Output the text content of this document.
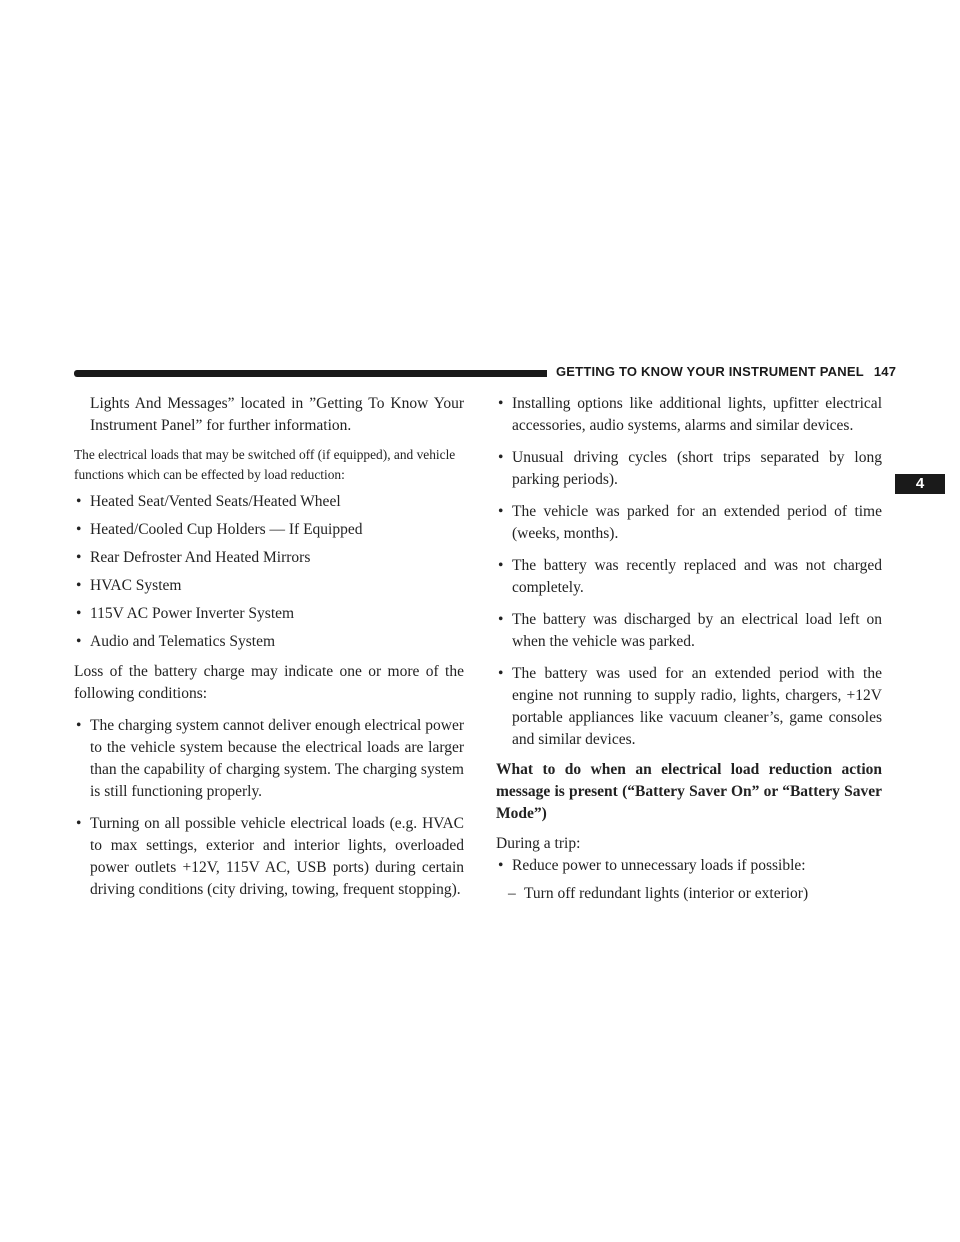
GETTING TO KNOW YOUR INSTRUMENT PANEL 147
4

Lights And Messages” located in ”Getting To Know Your Instrument Panel” for further information.

The electrical loads that may be switched off (if equipped), and vehicle functions which can be effected by load reduction:

• Heated Seat/Vented Seats/Heated Wheel
• Heated/Cooled Cup Holders — If Equipped
• Rear Defroster And Heated Mirrors
• HVAC System
• 115V AC Power Inverter System
• Audio and Telematics System

Loss of the battery charge may indicate one or more of the following conditions:

• The charging system cannot deliver enough electrical power to the vehicle system because the electrical loads are larger than the capability of charging system. The charging system is still functioning properly.
• Turning on all possible vehicle electrical loads (e.g. HVAC to max settings, exterior and interior lights, overloaded power outlets +12V, 115V AC, USB ports) during certain driving conditions (city driving, towing, frequent stopping).
• Installing options like additional lights, upfitter electrical accessories, audio systems, alarms and similar devices.
• Unusual driving cycles (short trips separated by long parking periods).
• The vehicle was parked for an extended period of time (weeks, months).
• The battery was recently replaced and was not charged completely.
• The battery was discharged by an electrical load left on when the vehicle was parked.
• The battery was used for an extended period with the engine not running to supply radio, lights, chargers, +12V portable appliances like vacuum cleaner’s, game consoles and similar devices.

What to do when an electrical load reduction action message is present (“Battery Saver On” or “Battery Saver Mode”)

During a trip:

• Reduce power to unnecessary loads if possible:
– Turn off redundant lights (interior or exterior)
